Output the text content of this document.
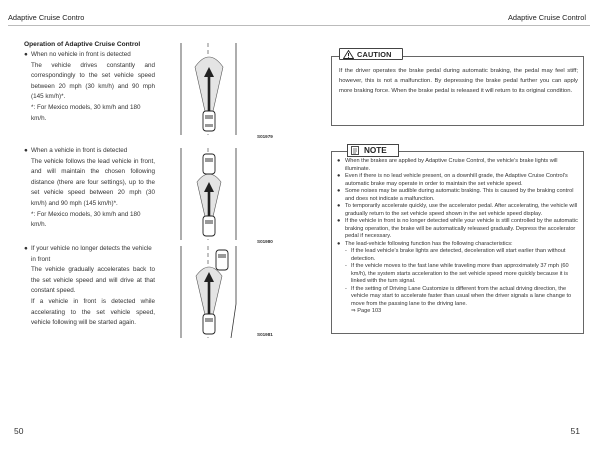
Adaptive Cruise Contro	Adaptive Cruise Control
Operation of Adaptive Cruise Control
● When no vehicle in front is detected
The vehicle drives constantly and correspondingly to the set vehicle speed between 20 mph (30 km/h) and 90 mph (145 km/h)*.
*: For Mexico models, 30 km/h and 180 km/h.
● When a vehicle in front is detected
The vehicle follows the lead vehicle in front, and will maintain the chosen following distance (there are four settings), up to the set vehicle speed between 20 mph (30 km/h) and 90 mph (145 km/h)*.
*: For Mexico models, 30 km/h and 180 km/h.
● If your vehicle no longer detects the vehicle in front
The vehicle gradually accelerates back to the set vehicle speed and will drive at that constant speed.
If a vehicle in front is detected while accelerating to the set vehicle speed, vehicle following will be started again.
S01979
S01980
S01981
CAUTION
If the driver operates the brake pedal during automatic braking, the pedal may feel stiff; however, this is not a malfunction. By depressing the brake pedal further you can apply more braking force. When the brake pedal is released it will return to its original condition.
NOTE
● When the brakes are applied by Adaptive Cruise Control, the vehicle's brake lights will illuminate.
● Even if there is no lead vehicle present, on a downhill grade, the Adaptive Cruise Control's automatic brake may operate in order to maintain the set vehicle speed.
● Some noises may be audible during automatic braking. This is caused by the braking control and does not indicate a malfunction.
● To temporarily accelerate quickly, use the accelerator pedal. After accelerating, the vehicle will gradually return to the set vehicle speed shown in the set vehicle speed display.
● If the vehicle in front is no longer detected while your vehicle is still controlled by the automatic braking operation, the brake will be automatically released gradually. Depress the accelerator pedal if necessary.
● The lead-vehicle following function has the following characteristics:
- If the lead vehicle's brake lights are detected, deceleration will start earlier than without detection.
- If the vehicle moves to the fast lane while traveling more than approximately 37 mph (60 km/h), the system starts acceleration to the set vehicle speed more quickly because it is linked with the turn signal.
- If the setting of Driving Lane Customize is different from the actual driving direction, the vehicle may start to accelerate faster than usual when the driver signals a lane change to move from the passing lane to the driving lane.
⇒ Page 103
50	51
